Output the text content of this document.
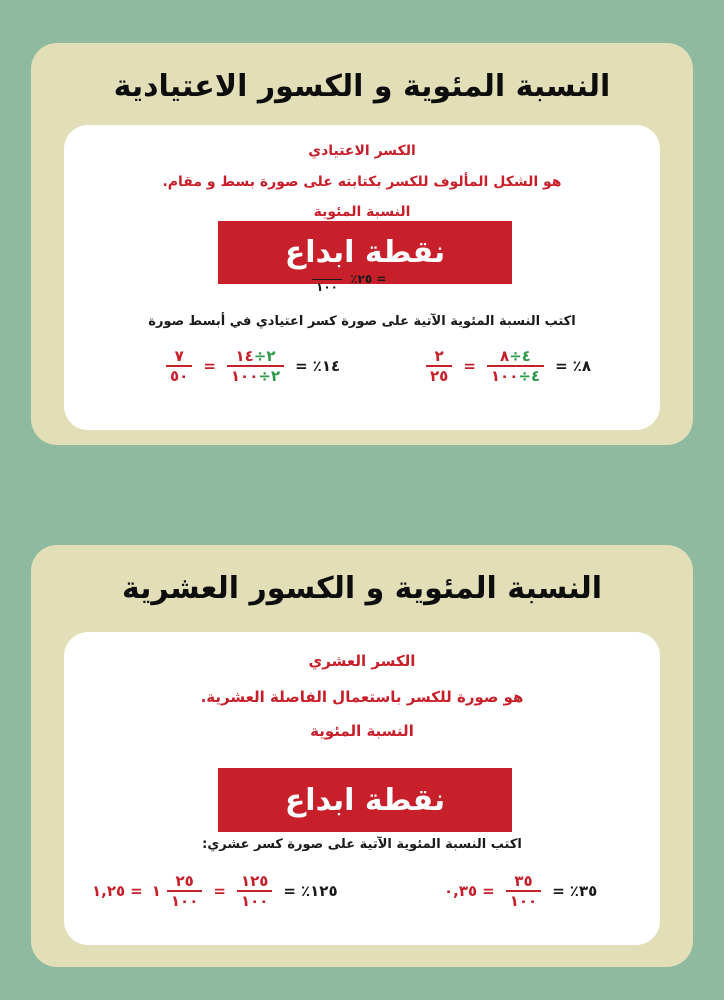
النسبة المئوية و الكسور الاعتيادية
الكسر الاعتيادي
هو الشكل المألوف للكسر بكتابته على صورة بسط و مقام.
النسبة المئوية
نقطة ابداع
١٠٠
٪٢٥ =
اكتب النسبة المئوية الآتية على صورة كسر اعتيادي في أبسط صورة
$\frac{٧}{٥٠} = \frac{٢\div ١٤}{٢\div ١٠٠}$ = ٪١٤	$\frac{٢}{٢٥} = \frac{٤\div ٨}{٤\div ١٠٠}$ = ٪٨
النسبة المئوية و الكسور العشرية
الكسر العشري
هو صورة للكسر باستعمال الفاصلة العشرية.
النسبة المئوية
نقطة ابداع
اكتب النسبة المئوية الآتية على صورة كسر عشري:
١,٢٥ = ١ $\frac{٢٥}{١٠٠} = \frac{١٢٥}{١٠٠}$ = ٪١٢٥	٠,٣٥ = $\frac{٣٥}{١٠٠}$ = ٪٣٥
